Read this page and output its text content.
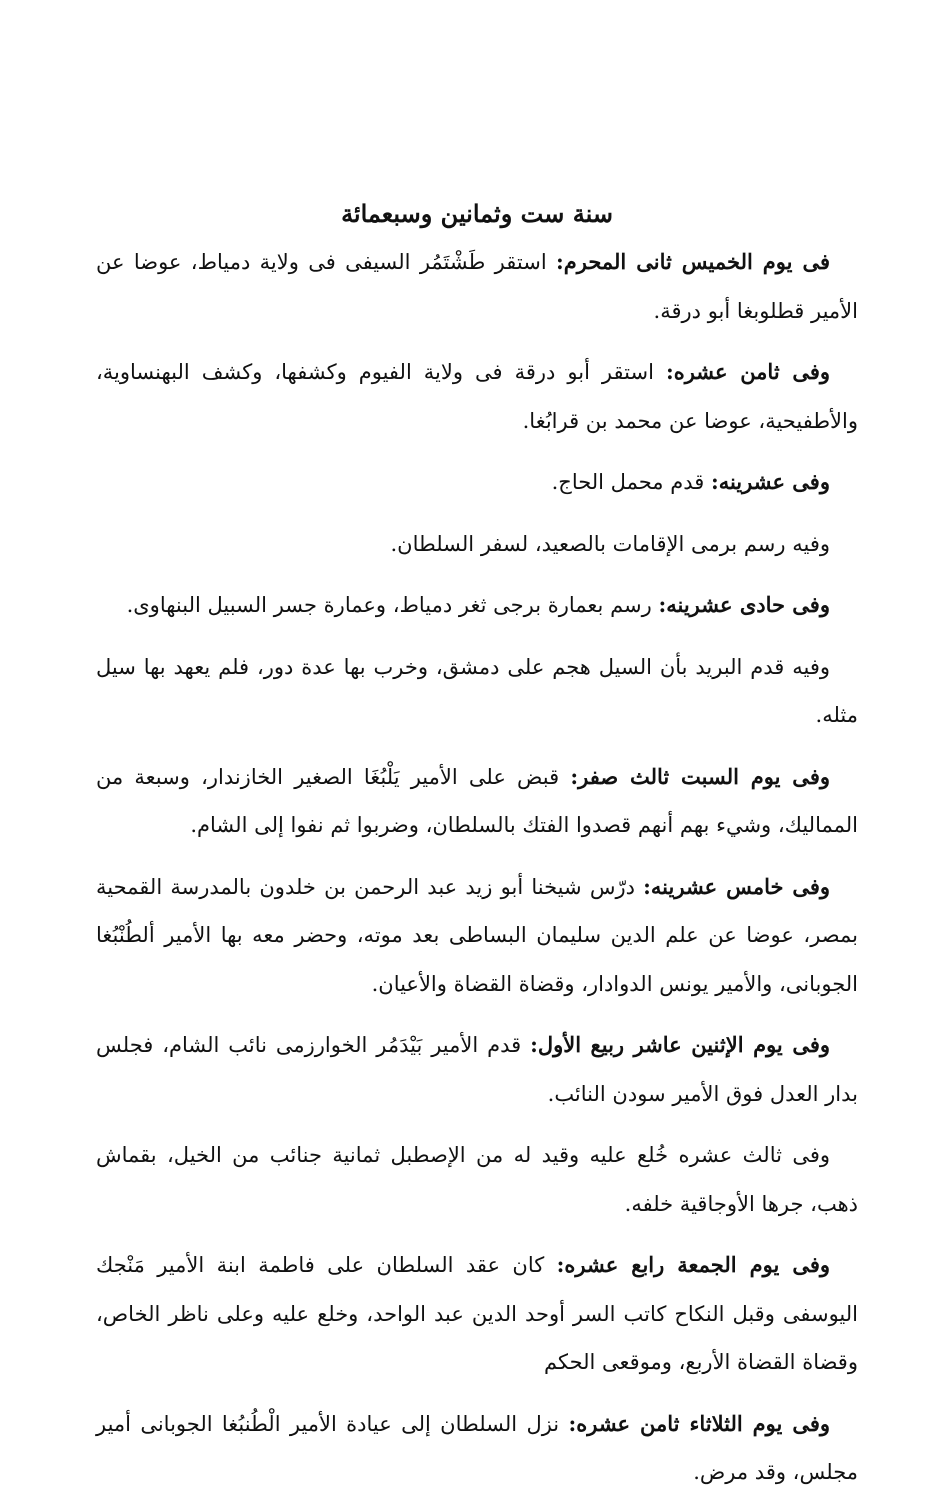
سنة ست وثمانين وسبعمائة

فى يوم الخميس ثانى المحرم: استقر طَشْتَمُر السيفى فى ولاية دمياط، عوضا عن الأمير قطلوبغا أبو درقة.

وفى ثامن عشره: استقر أبو درقة فى ولاية الفيوم وكشفها، وكشف البهنساوية، والأطفيحية، عوضا عن محمد بن قرابُغا.

وفى عشرينه: قدم محمل الحاج.

وفيه رسم برمى الإقامات بالصعيد، لسفر السلطان.

وفى حادى عشرينه: رسم بعمارة برجى ثغر دمياط، وعمارة جسر السبيل البنهاوى.

وفيه قدم البريد بأن السيل هجم على دمشق، وخرب بها عدة دور، فلم يعهد بها سيل مثله.

وفى يوم السبت ثالث صفر: قبض على الأمير يَلْبُغَا الصغير الخازندار، وسبعة من المماليك، وشيء بهم أنهم قصدوا الفتك بالسلطان، وضربوا ثم نفوا إلى الشام.

وفى خامس عشرينه: درّس شيخنا أبو زيد عبد الرحمن بن خلدون بالمدرسة القمحية بمصر، عوضا عن علم الدين سليمان البساطى بعد موته، وحضر معه بها الأمير ألطُنْبُغا الجوبانى، والأمير يونس الدوادار، وقضاة القضاة والأعيان.

وفى يوم الإثنين عاشر ربيع الأول: قدم الأمير بَيْدَمُر الخوارزمى نائب الشام، فجلس بدار العدل فوق الأمير سودن النائب.

وفى ثالث عشره خُلع عليه وقيد له من الإصطبل ثمانية جنائب من الخيل، بقماش ذهب، جرها الأوجاقية خلفه.

وفى يوم الجمعة رابع عشره: كان عقد السلطان على فاطمة ابنة الأمير مَنْجك اليوسفى وقبل النكاح كاتب السر أوحد الدين عبد الواحد، وخلع عليه وعلى ناظر الخاص، وقضاة القضاة الأربع، وموقعى الحكم

وفى يوم الثلاثاء ثامن عشره: نزل السلطان إلى عيادة الأمير الْطُنبُغا الجوبانى أمير مجلس، وقد مرض.
